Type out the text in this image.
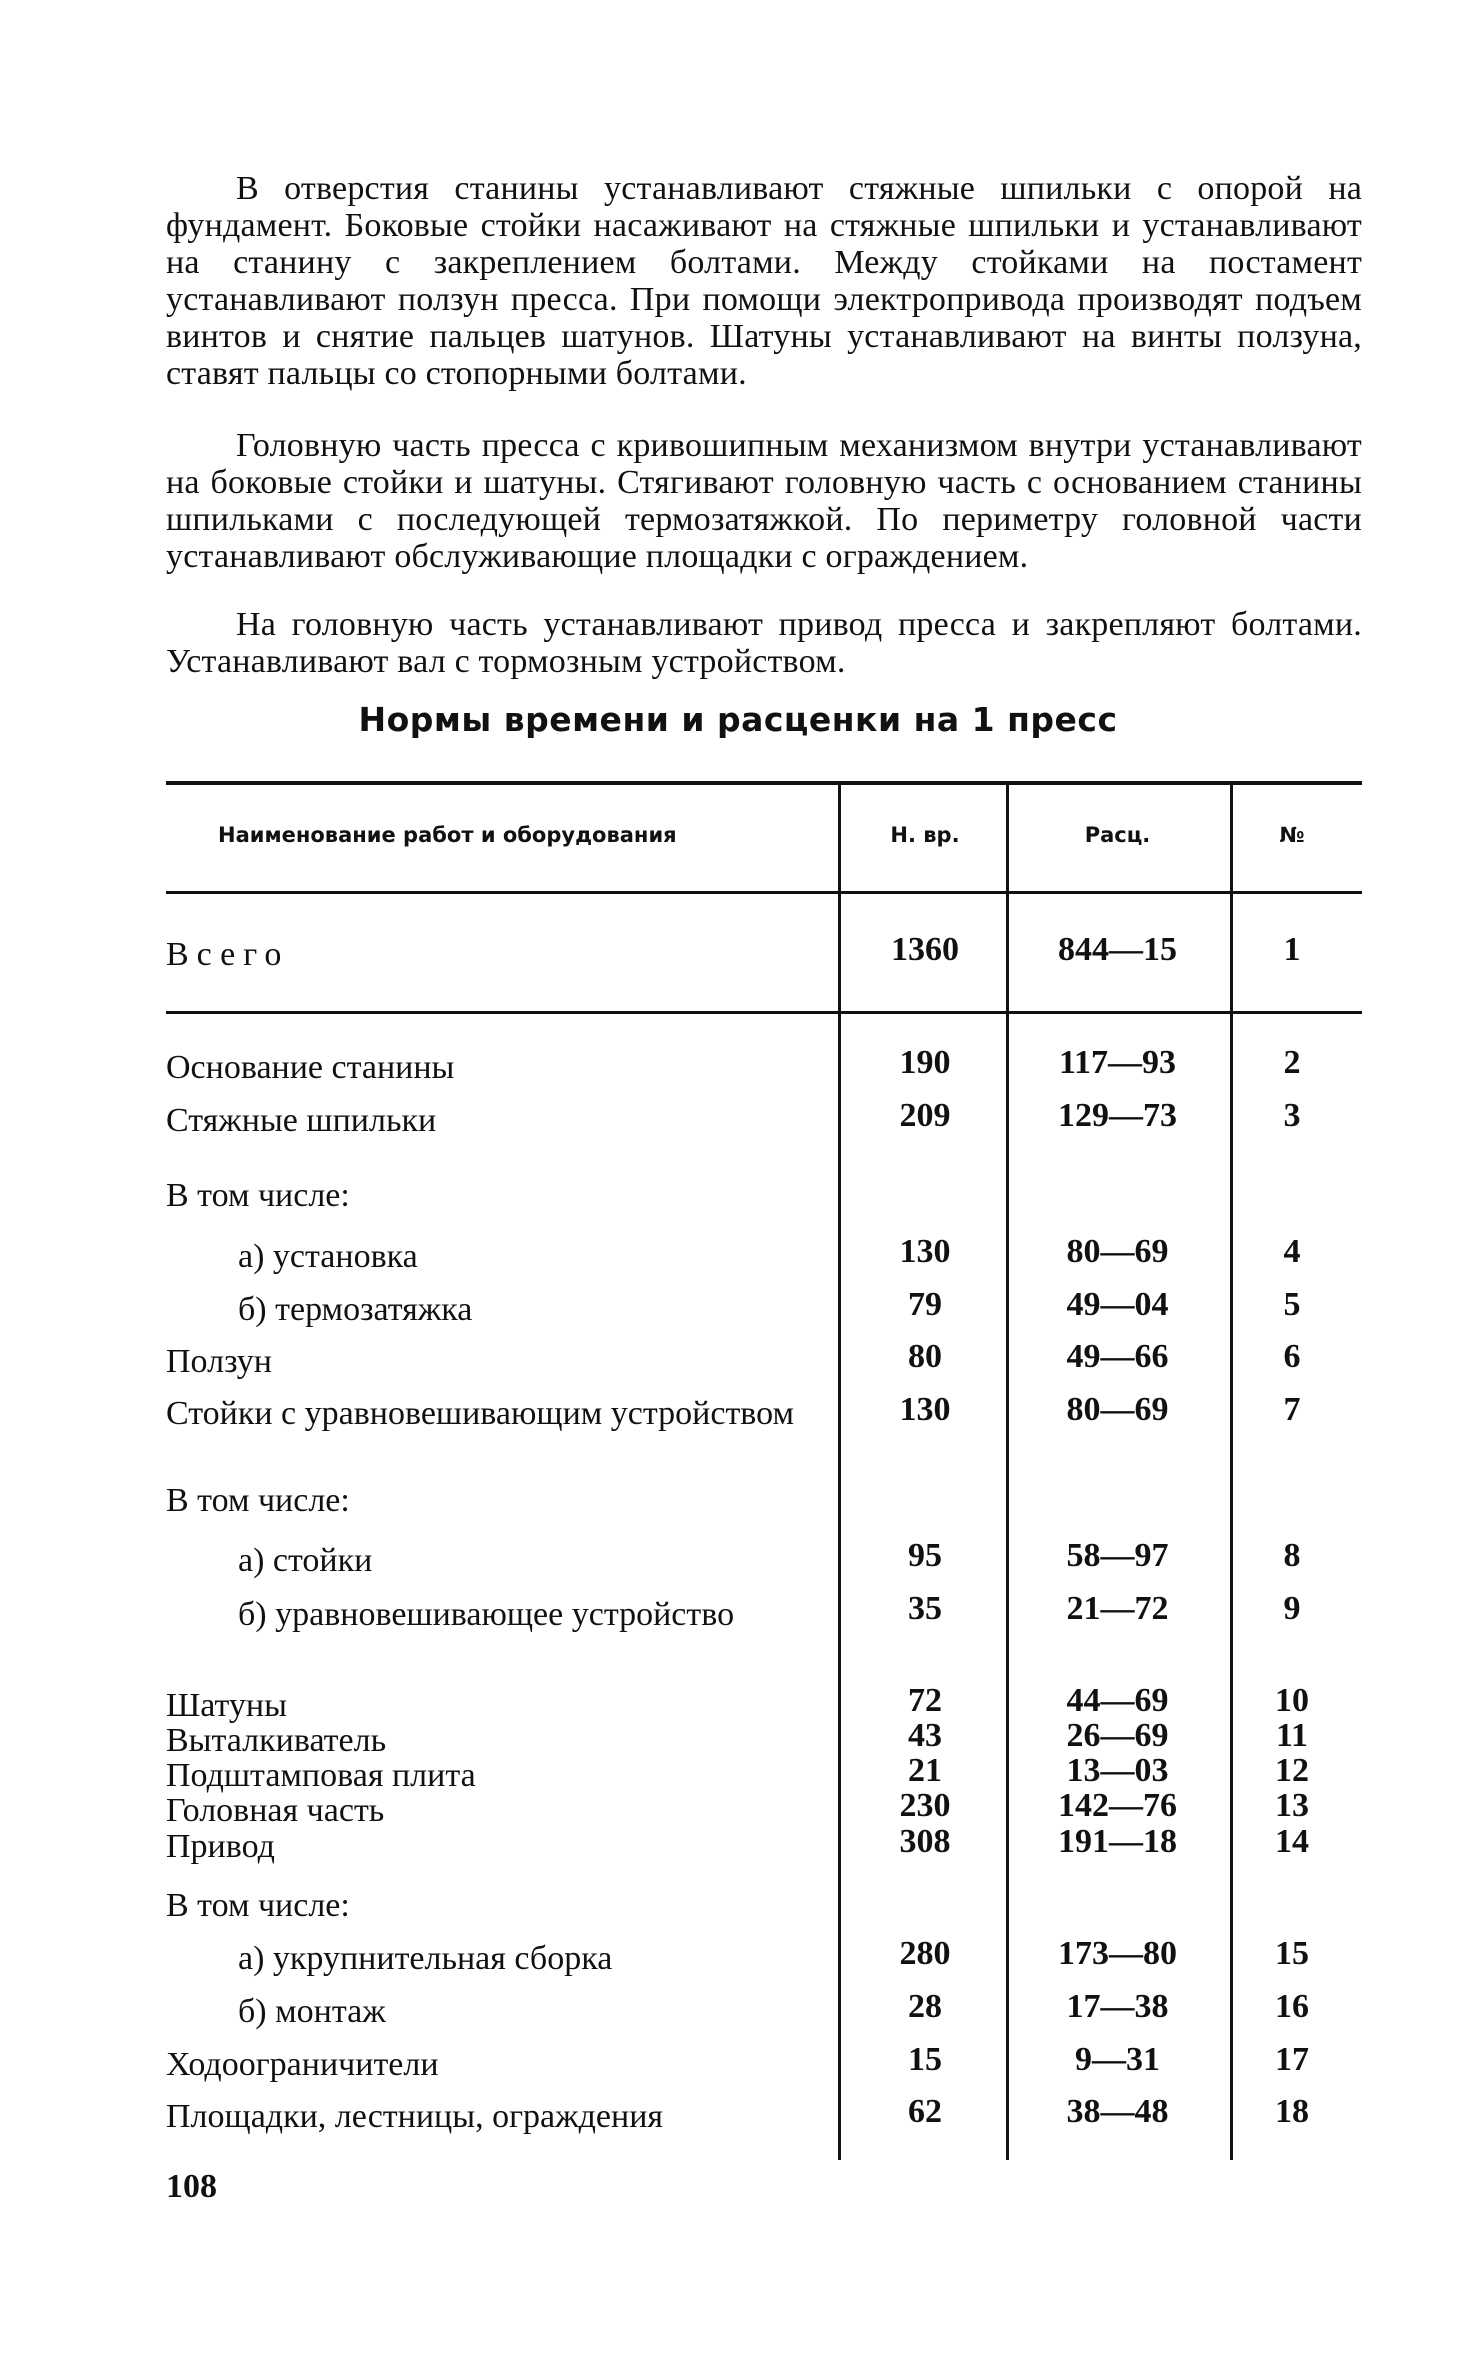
В отверстия станины устанавливают стяжные шпильки с опорой на фундамент. Боковые стойки насаживают на стяжные шпильки и устанавливают на станину с закреплением болтами. Между стойками на постамент устанавливают ползун пресса. При помощи электропривода производят подъем винтов и снятие пальцев шатунов. Шатуны устанавливают на винты ползуна, ставят пальцы со стопорными болтами.

Головную часть пресса с кривошипным механизмом внутри устанавливают на боковые стойки и шатуны. Стягивают головную часть с основанием станины шпильками с последующей термозатяжкой. По периметру головной части устанавливают обслуживающие площадки с ограждением.

На головную часть устанавливают привод пресса и закрепляют болтами. Устанавливают вал с тормозным устройством.

Нормы времени и расценки на 1 пресс
Наименование работ и оборудования	Н. вр.	Расц.	№
Всего	1360	844—15	1
Основание станины	190	117—93	2
Стяжные шпильки	209	129—73	3
В том числе:
а) установка	130	80—69	4
б) термозатяжка	79	49—04	5
Ползун	80	49—66	6
Стойки с уравновешивающим устройством	130	80—69	7
В том числе:
а) стойки	95	58—97	8
б) уравновешивающее устройство	35	21—72	9
Шатуны	72	44—69	10
Выталкиватель	43	26—69	11
Подштамповая плита	21	13—03	12
Головная часть	230	142—76	13
Привод	308	191—18	14
В том числе:
а) укрупнительная сборка	280	173—80	15
б) монтаж	28	17—38	16
Ходоограничители	15	9—31	17
Площадки, лестницы, ограждения	62	38—48	18
108
